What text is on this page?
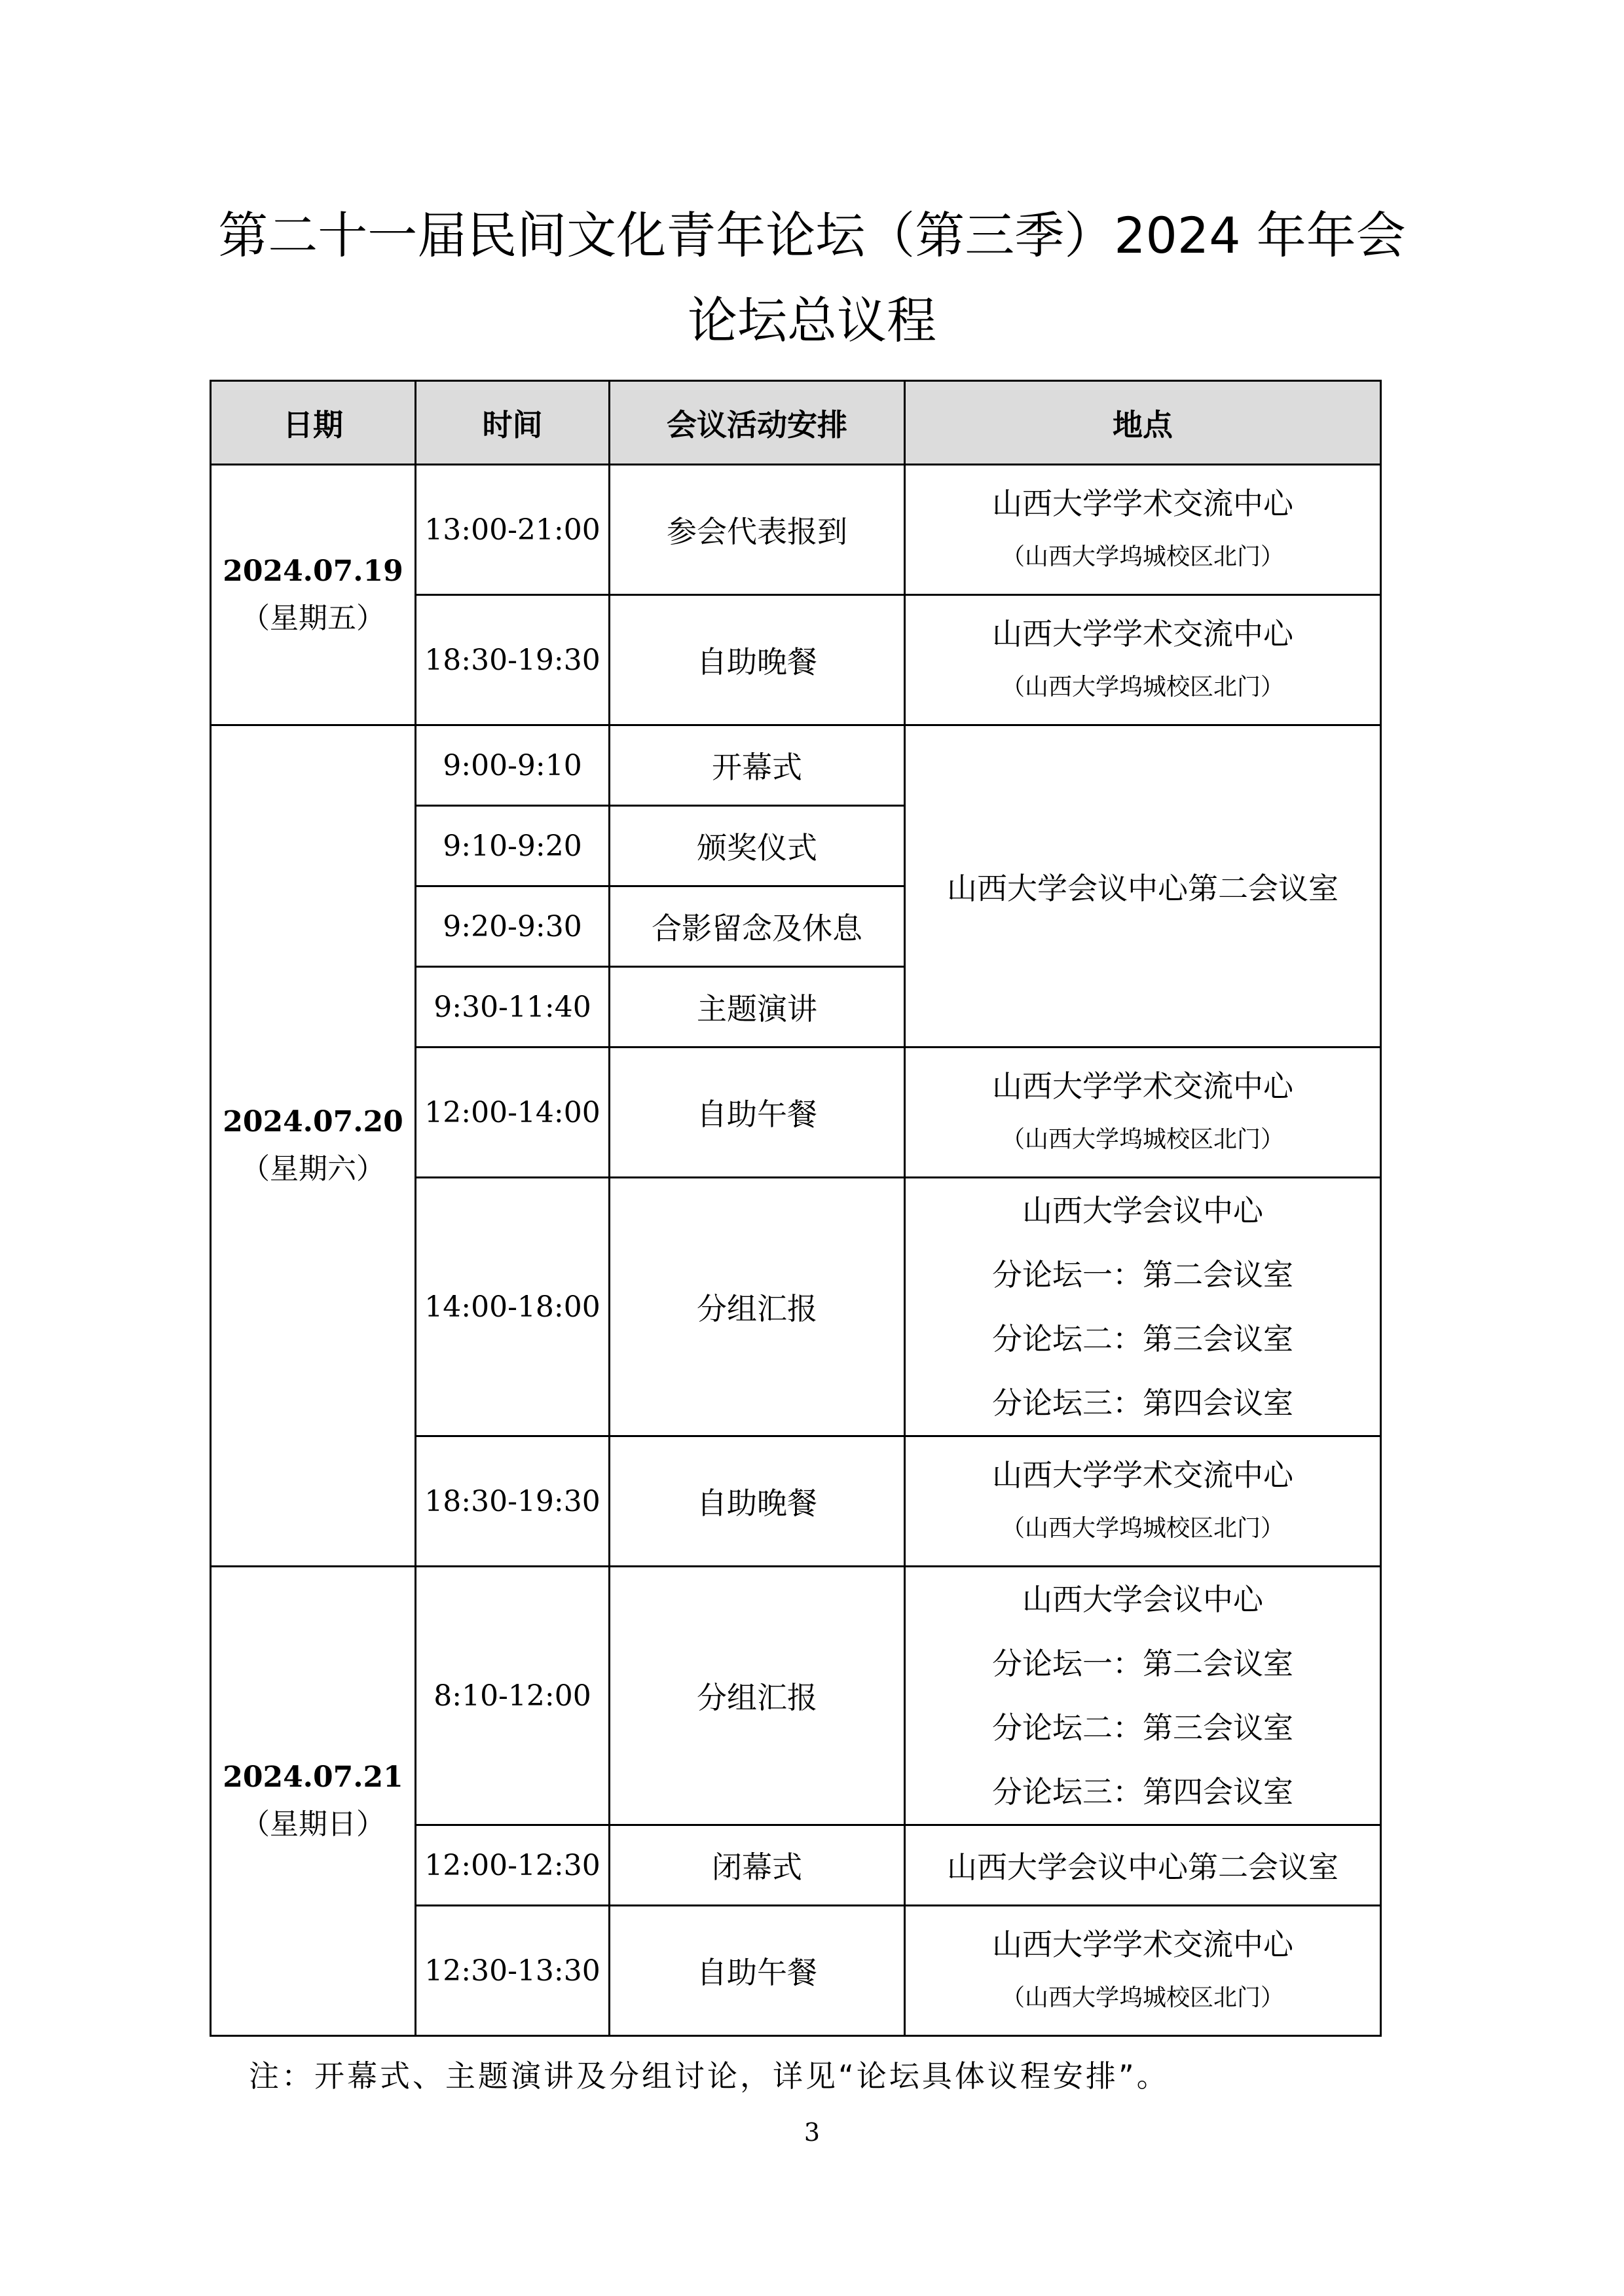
第二十一届民间文化青年论坛（第三季）2024 年年会
论坛总议程
日期	时间	会议活动安排	地点
2024.07.19
（星期五）	13:00-21:00	参会代表报到	山西大学学术交流中心
（山西大学坞城校区北门）

	18:30-19:30	自助晚餐	山西大学学术交流中心
（山西大学坞城校区北门）

2024.07.20
（星期六）	9:00-9:10	开幕式	山西大学会议中心第二会议室
	9:10-9:20	颁奖仪式	
	9:20-9:30	合影留念及休息	
	9:30-11:40	主题演讲	
	12:00-14:00	自助午餐	山西大学学术交流中心
（山西大学坞城校区北门）

	14:00-18:00	分组汇报	山西大学会议中心
分论坛一：第二会议室
分论坛二：第三会议室
分论坛三：第四会议室

	18:30-19:30	自助晚餐	山西大学学术交流中心
（山西大学坞城校区北门）

2024.07.21
（星期日）	8:10-12:00	分组汇报	山西大学会议中心
分论坛一：第二会议室
分论坛二：第三会议室
分论坛三：第四会议室

	12:00-12:30	闭幕式	山西大学会议中心第二会议室
	12:30-13:30	自助午餐	山西大学学术交流中心
（山西大学坞城校区北门）
注：开幕式、主题演讲及分组讨论，详见“论坛具体议程安排”。
3
